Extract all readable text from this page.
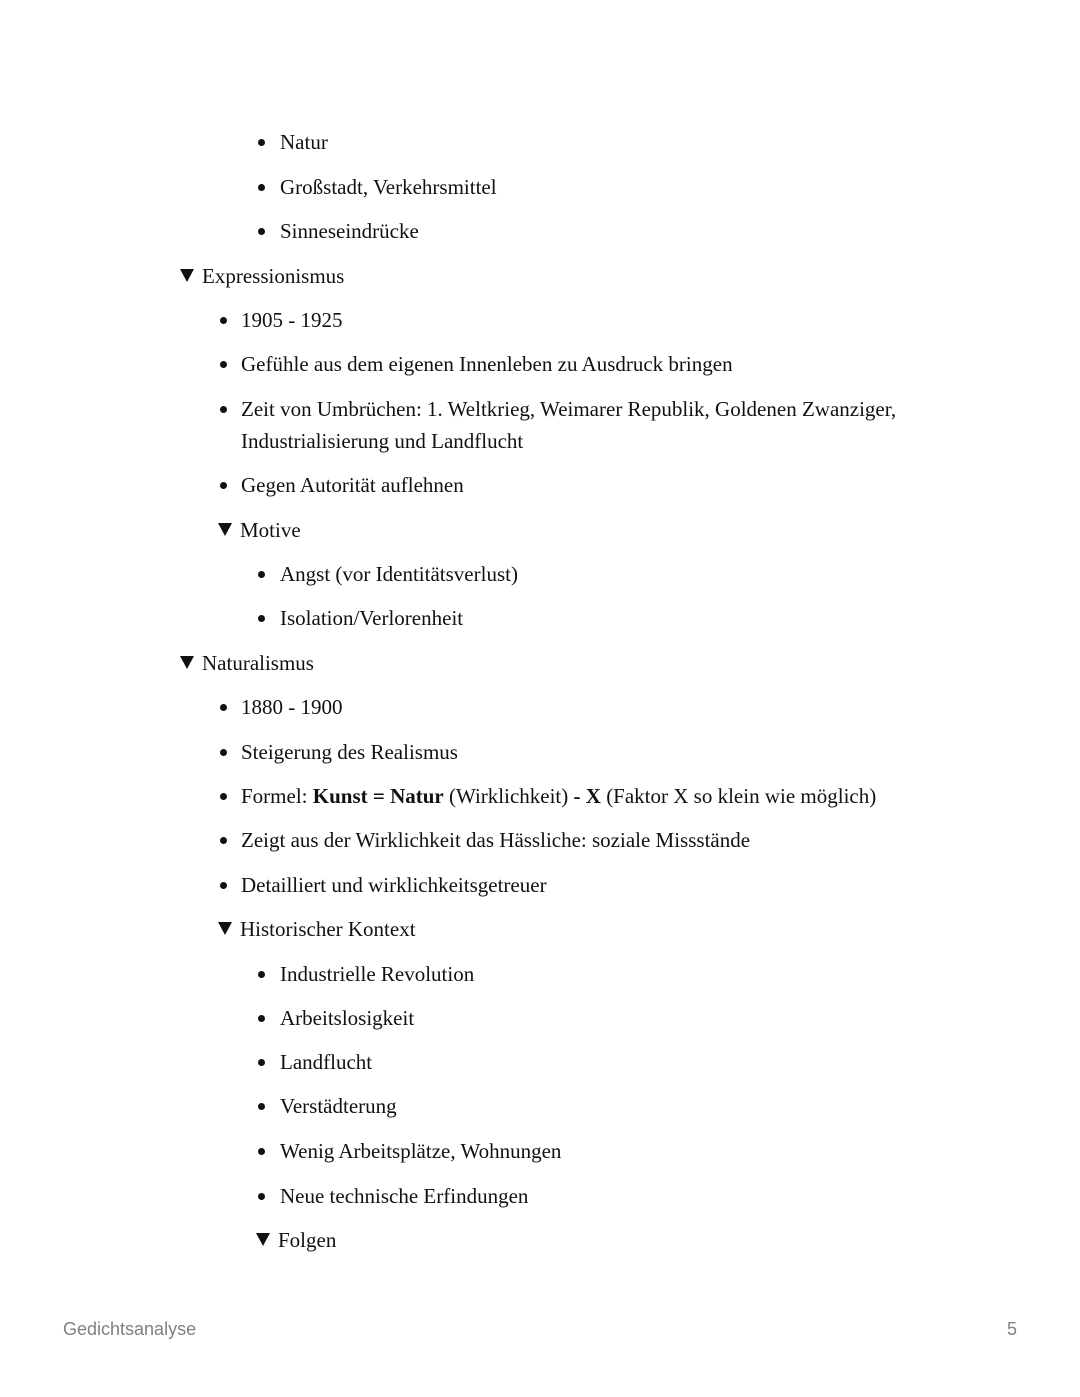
Natur
Großstadt, Verkehrsmittel
Sinneseindrücke
Expressionismus
1905 - 1925
Gefühle aus dem eigenen Innenleben zu Ausdruck bringen
Zeit von Umbrüchen: 1. Weltkrieg, Weimarer Republik, Goldenen Zwanziger,
Industrialisierung und Landflucht
Gegen Autorität auflehnen
Motive
Angst (vor Identitätsverlust)
Isolation/Verlorenheit
Naturalismus
1880 - 1900
Steigerung des Realismus
Formel: Kunst = Natur (Wirklichkeit) - X (Faktor X so klein wie möglich)
Zeigt aus der Wirklichkeit das Hässliche: soziale Missstände
Detailliert und wirklichkeitsgetreuer
Historischer Kontext
Industrielle Revolution
Arbeitslosigkeit
Landflucht
Verstädterung
Wenig Arbeitsplätze, Wohnungen
Neue technische Erfindungen
Folgen
Gedichtsanalyse	5
